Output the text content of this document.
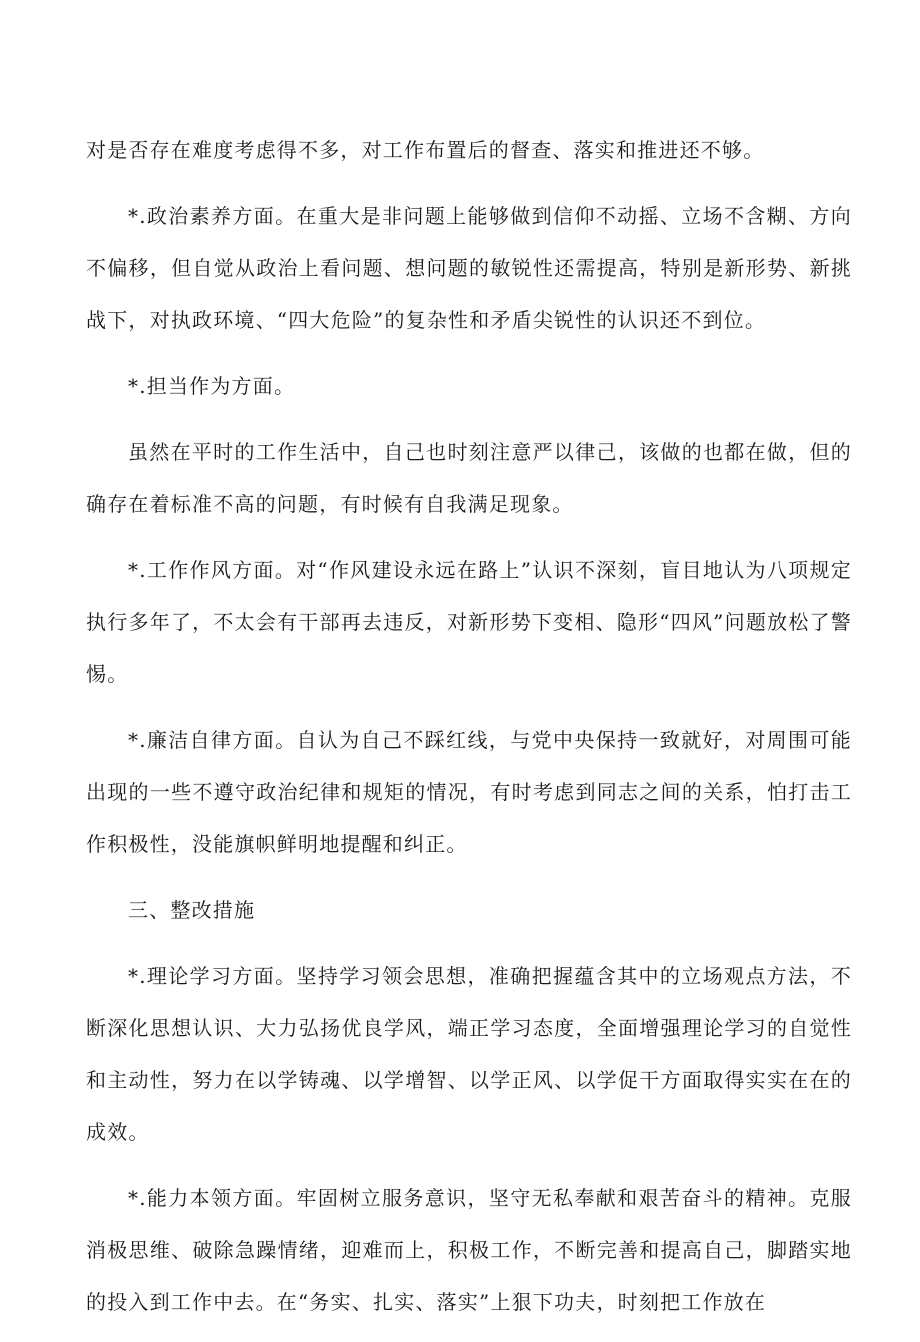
对是否存在难度考虑得不多，对工作布置后的督查、落实和推进还不够。

*.政治素养方面。在重大是非问题上能够做到信仰不动摇、立场不含糊、方向不偏移，但自觉从政治上看问题、想问题的敏锐性还需提高，特别是新形势、新挑战下，对执政环境、“四大危险”的复杂性和矛盾尖锐性的认识还不到位。

*.担当作为方面。

虽然在平时的工作生活中，自己也时刻注意严以律己，该做的也都在做，但的确存在着标准不高的问题，有时候有自我满足现象。

*.工作作风方面。对“作风建设永远在路上”认识不深刻，盲目地认为八项规定执行多年了，不太会有干部再去违反，对新形势下变相、隐形“四风”问题放松了警惕。

*.廉洁自律方面。自认为自己不踩红线，与党中央保持一致就好，对周围可能出现的一些不遵守政治纪律和规矩的情况，有时考虑到同志之间的关系，怕打击工作积极性，没能旗帜鲜明地提醒和纠正。

三、整改措施

*.理论学习方面。坚持学习领会思想，准确把握蕴含其中的立场观点方法，不断深化思想认识、大力弘扬优良学风，端正学习态度，全面增强理论学习的自觉性和主动性，努力在以学铸魂、以学增智、以学正风、以学促干方面取得实实在在的成效。

*.能力本领方面。牢固树立服务意识，坚守无私奉献和艰苦奋斗的精神。克服消极思维、破除急躁情绪，迎难而上，积极工作，不断完善和提高自己，脚踏实地的投入到工作中去。在“务实、扎实、落实”上狠下功夫，时刻把工作放在
